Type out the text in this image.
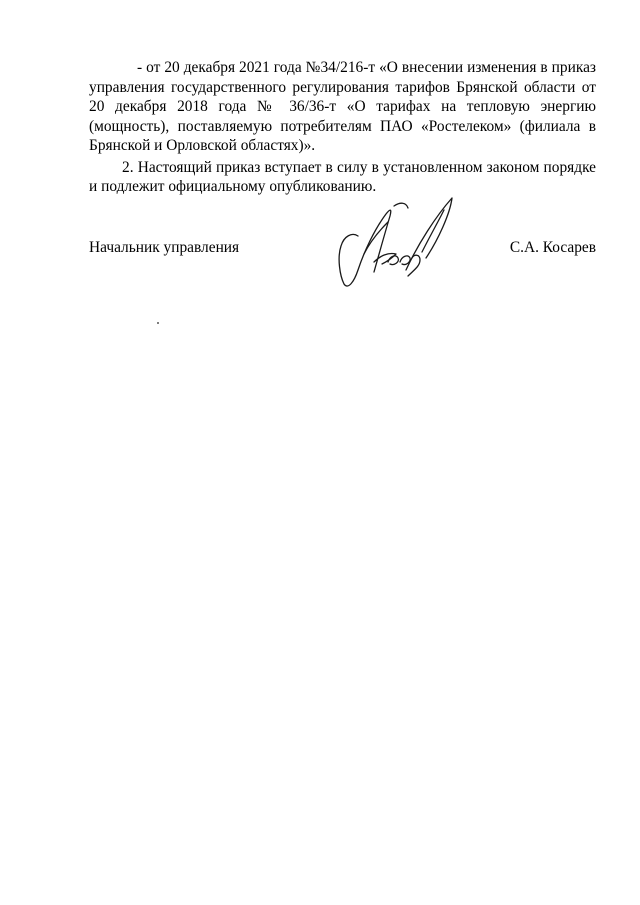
- от 20 декабря 2021 года №34/216-т «О внесении изменения в приказ управления государственного регулирования тарифов Брянской области от 20 декабря 2018 года № 36/36-т «О тарифах на тепловую энергию (мощность), поставляемую потребителям ПАО «Ростелеком» (филиала в Брянской и Орловской областях)».

2. Настоящий приказ вступает в силу в установленном законом порядке и подлежит официальному опубликованию.

Начальник управления	С.А. Косарев
